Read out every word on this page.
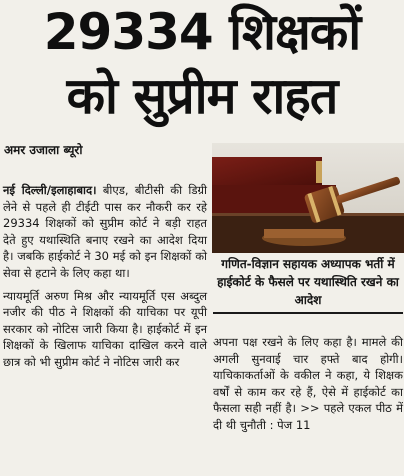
29334 शिक्षकों
को सुप्रीम राहत
अमर उजाला ब्यूरो

नई दिल्ली/इलाहाबाद। बीएड, बीटीसी की डिग्री लेने से पहले ही टीईटी पास कर नौकरी कर रहे 29334 शिक्षकों को सुप्रीम कोर्ट ने बड़ी राहत देते हुए यथास्थिति बनाए रखने का आदेश दिया है। जबकि हाईकोर्ट ने 30 मई को इन शिक्षकों को सेवा से हटाने के लिए कहा था।

न्यायमूर्ति अरुण मिश्र और न्यायमूर्ति एस अब्दुल नजीर की पीठ ने शिक्षकों की याचिका पर यूपी सरकार को नोटिस जारी किया है। हाईकोर्ट में इन शिक्षकों के खिलाफ याचिका दाखिल करने वाले छात्र को भी सुप्रीम कोर्ट ने नोटिस जारी कर

गणित-विज्ञान सहायक अध्यापक भर्ती में हाईकोर्ट के फैसले पर यथास्थिति रखने का आदेश

अपना पक्ष रखने के लिए कहा है। मामले की अगली सुनवाई चार हफ्ते बाद होगी। याचिकाकर्ताओं के वकील ने कहा, ये शिक्षक वर्षों से काम कर रहे हैं, ऐसे में हाईकोर्ट का फैसला सही नहीं है। >> पहले एकल पीठ में दी थी चुनौती : पेज 11
